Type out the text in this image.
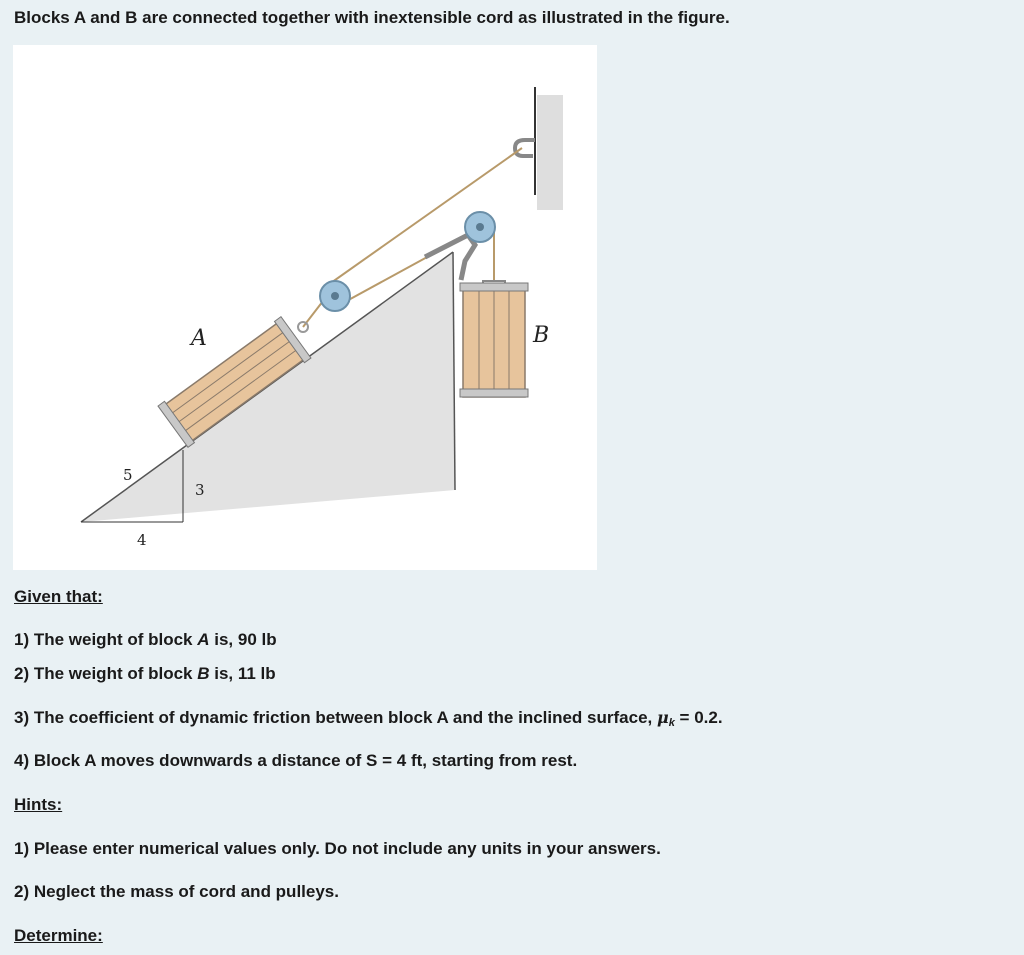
Blocks A and B are connected together with inextensible cord as illustrated in the figure.

A	B
5
3
4

Given that:

1) The weight of block A is, 90 lb

2) The weight of block B is, 11 lb

3) The coefficient of dynamic friction between block A and the inclined surface, $\mu_k = 0.2$.

4) Block A moves downwards a distance of S = 4 ft, starting from rest.

Hints:

1) Please enter numerical values only. Do not include any units in your answers.

2) Neglect the mass of cord and pulleys.

Determine:
